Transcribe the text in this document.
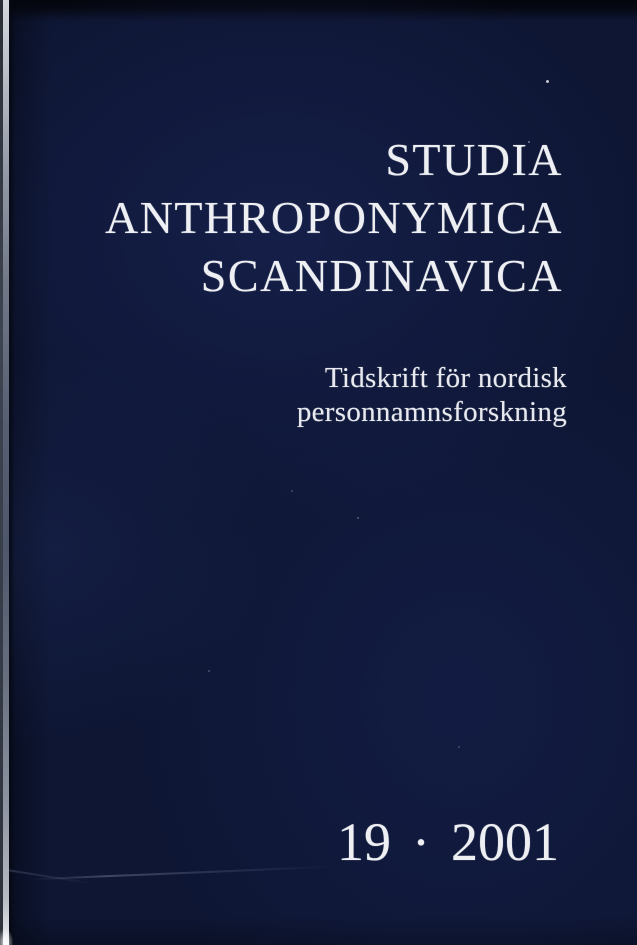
STUDIA
ANTHROPONYMICA
SCANDINAVICA
Tidskrift för nordisk
personnamnsforskning
19 · 2001
